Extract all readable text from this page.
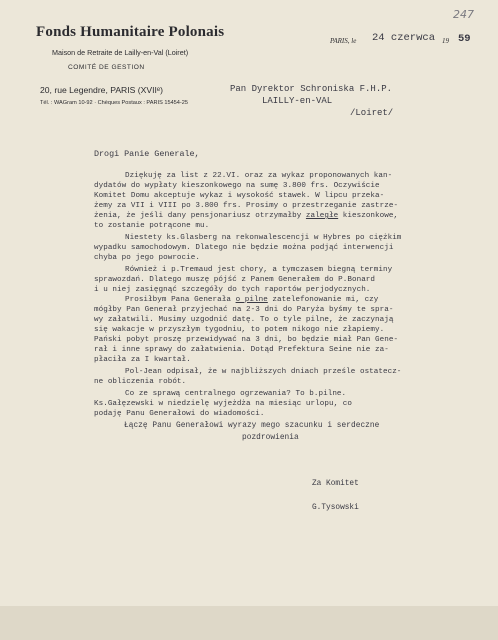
Fonds Humanitaire Polonais
Maison de Retraite de Lailly-en-Val (Loiret)
COMITÉ DE GESTION
20, rue Legendre, PARIS (XVIIᵉ)
Tél. : WAGram 10-92 · Chèques Postaux : PARIS 15454-25
247
PARIS, le 24 czerwca 19 59
Pan Dyrektor Schroniska F.H.P.
LAILLY-en-VAL
/Loiret/
Drogi Panie Generale,
Dziękuję za list z 22.VI. oraz za wykaz proponowanych kan-
dydatów do wypłaty kieszonkowego na sumę 3.800 frs. Oczywiście
Komitet Domu akceptuje wykaz i wysokość stawek. W lipcu przeka-
żemy za VII i VIII po 3.800 frs. Prosimy o przestrzeganie zastrze-
żenia, że jeśli dany pensjonariusz otrzymałby zaległe kieszonkowe,
to zostanie potrącone mu.
Niestety ks.Glasberg na rekonwalescencji w Hybres po ciężkim
wypadku samochodowym. Dlatego nie będzie można podjąć interwencji
chyba po jego powrocie.
Również i p.Tremaud jest chory, a tymczasem biegną terminy
sprawozdań. Dlatego muszę pójść z Panem Generałem do P.Bonard
i u niej zasięgnąć szczegóły do tych raportów perjodycznych.
Prosiłbym Pana Generała o pilne zatelefonowanie mi, czy
mógłby Pan Generał przyjechać na 2-3 dni do Paryża byśmy te spra-
wy załatwili. Musimy uzgodnić datę. To o tyle pilne, że zaczynają
się wakacje w przyszłym tygodniu, to potem nikogo nie złapiemy.
Pański pobyt proszę przewidywać na 3 dni, bo będzie miał Pan Gene-
rał i inne sprawy do załatwienia. Dotąd Prefektura Seine nie za-
płaciła za I kwartał.
Pol-Jean odpisał, że w najbliższych dniach prześle ostatecz-
ne obliczenia robót.
Co ze sprawą centralnego ogrzewania? To b.pilne.
Ks.Gałęzewski w niedzielę wyjeżdża na miesiąc urlopu, co
podaję Panu Generałowi do wiadomości.
Łączę Panu Generałowi wyrazy mego szacunku i serdeczne
pozdrowienia
Za Komitet
G.Tysowski
